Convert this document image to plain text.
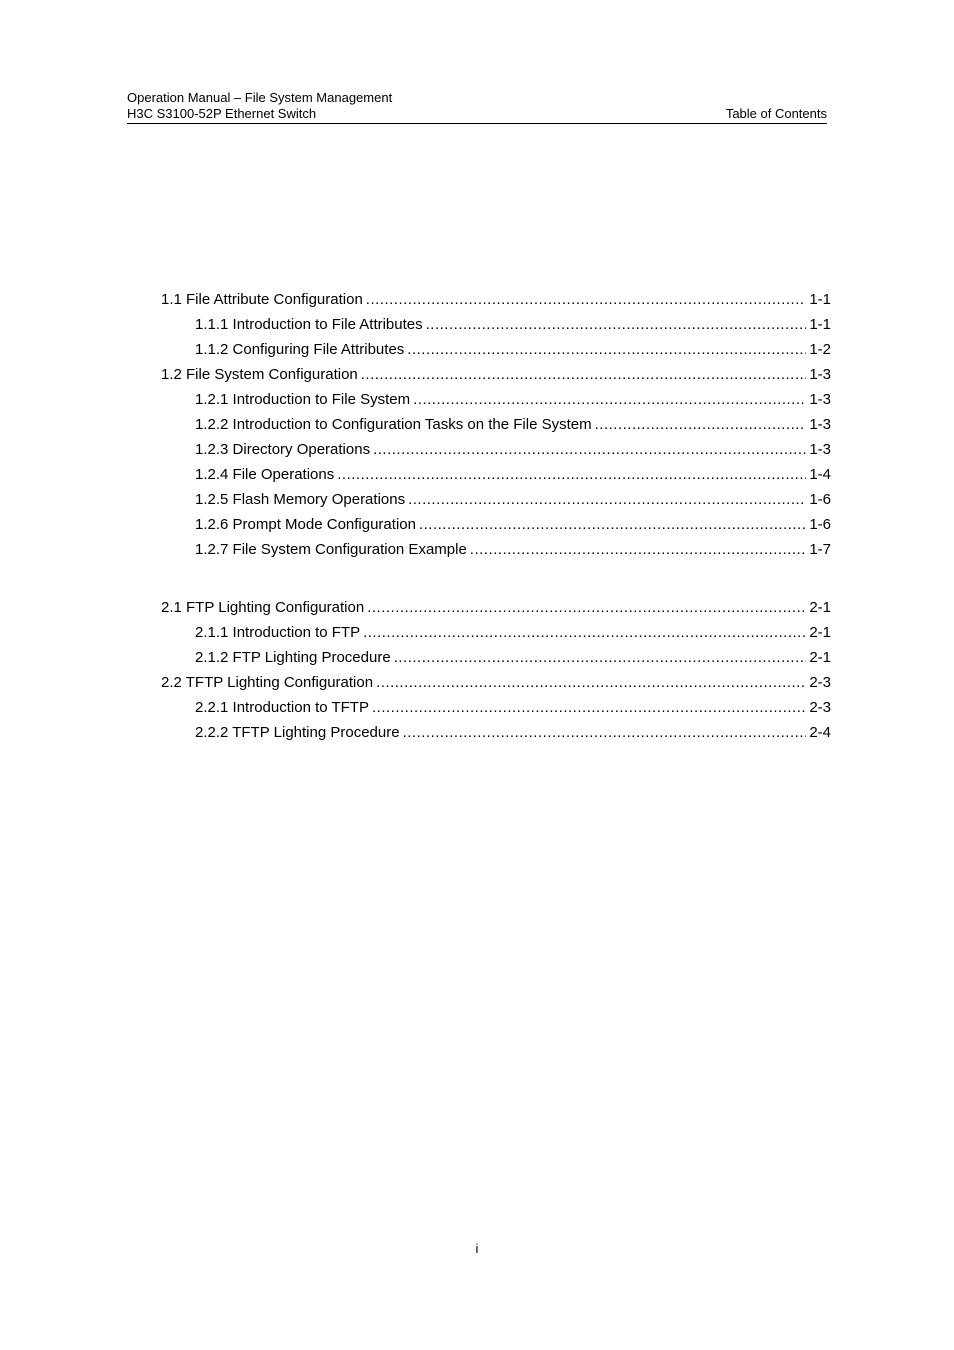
Operation Manual – File System Management
H3C S3100-52P Ethernet Switch	Table of Contents
1.1 File Attribute Configuration .....	1-1
1.1.1 Introduction to File Attributes .....	1-1
1.1.2 Configuring File Attributes .....	1-2
1.2 File System Configuration .....	1-3
1.2.1 Introduction to File System .....	1-3
1.2.2 Introduction to Configuration Tasks on the File System .....	1-3
1.2.3 Directory Operations .....	1-3
1.2.4 File Operations .....	1-4
1.2.5 Flash Memory Operations .....	1-6
1.2.6 Prompt Mode Configuration .....	1-6
1.2.7 File System Configuration Example .....	1-7
2.1 FTP Lighting Configuration .....	2-1
2.1.1 Introduction to FTP .....	2-1
2.1.2 FTP Lighting Procedure .....	2-1
2.2 TFTP Lighting Configuration .....	2-3
2.2.1 Introduction to TFTP .....	2-3
2.2.2 TFTP Lighting Procedure .....	2-4
i
